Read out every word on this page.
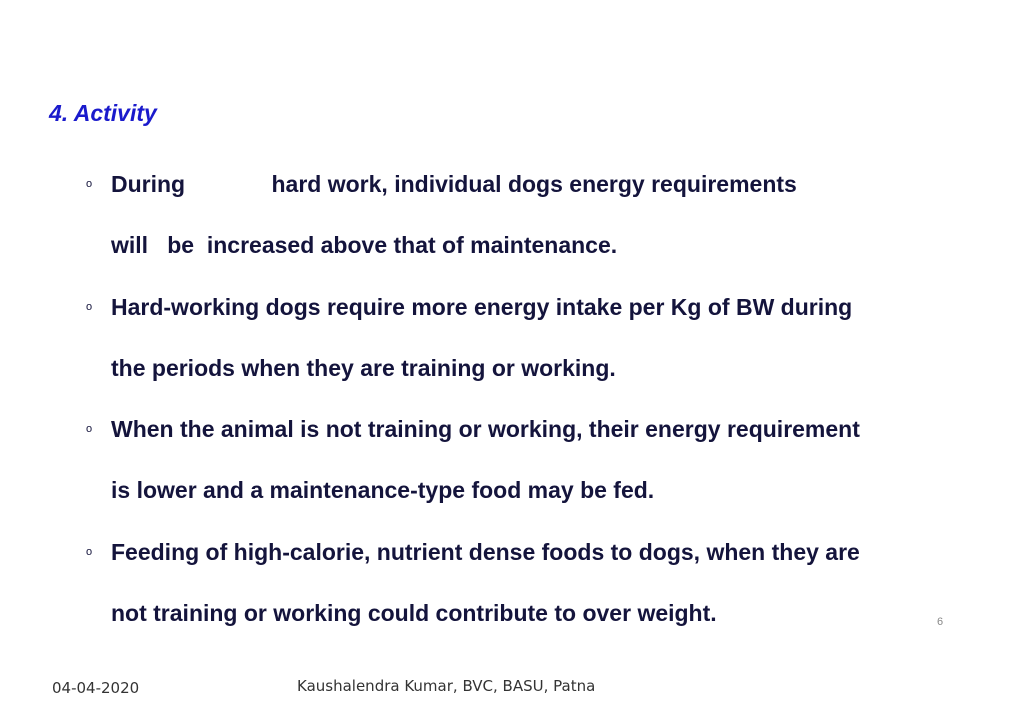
4. Activity
o During	hard work, individual dogs energy requirements
will   be  increased above that of maintenance.
o Hard-working dogs require more energy intake per Kg of BW during
the periods when they are training or working.
o When the animal is not training or working, their energy requirement
is lower and a maintenance-type food may be fed.
o Feeding of high-calorie, nutrient dense foods to dogs, when they are
not training or working could contribute to over weight.	6
04-04-2020	Kaushalendra Kumar, BVC, BASU, Patna
